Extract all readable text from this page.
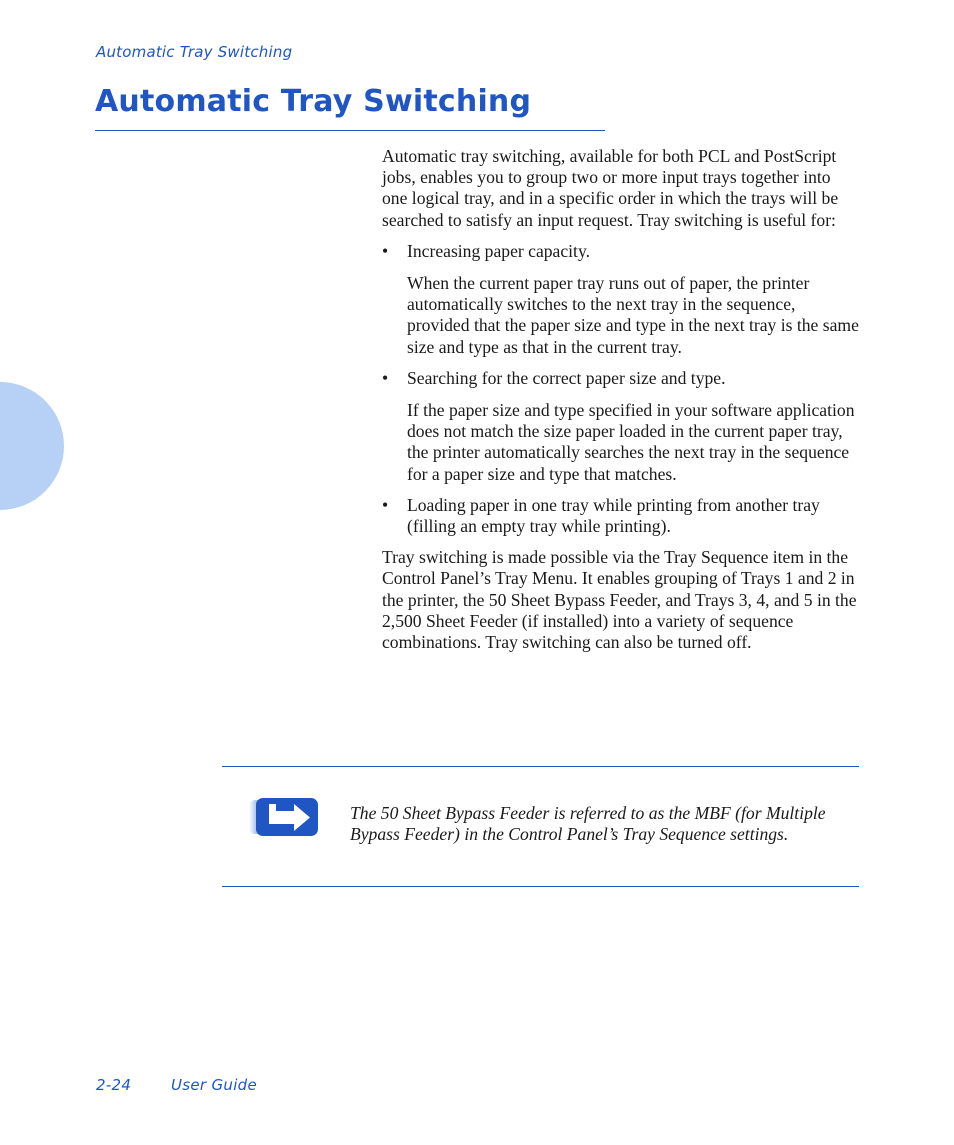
Automatic Tray Switching
Automatic Tray Switching

Automatic tray switching, available for both PCL and PostScript jobs, enables you to group two or more input trays together into one logical tray, and in a specific order in which the trays will be searched to satisfy an input request. Tray switching is useful for:

• Increasing paper capacity.
When the current paper tray runs out of paper, the printer automatically switches to the next tray in the sequence, provided that the paper size and type in the next tray is the same size and type as that in the current tray.
• Searching for the correct paper size and type.
If the paper size and type specified in your software application does not match the size paper loaded in the current paper tray, the printer automatically searches the next tray in the sequence for a paper size and type that matches.
• Loading paper in one tray while printing from another tray (filling an empty tray while printing).

Tray switching is made possible via the Tray Sequence item in the Control Panel’s Tray Menu. It enables grouping of Trays 1 and 2 in the printer, the 50 Sheet Bypass Feeder, and Trays 3, 4, and 5 in the 2,500 Sheet Feeder (if installed) into a variety of sequence combinations. Tray switching can also be turned off.

The 50 Sheet Bypass Feeder is referred to as the MBF (for Multiple Bypass Feeder) in the Control Panel’s Tray Sequence settings.
2-24	User Guide
